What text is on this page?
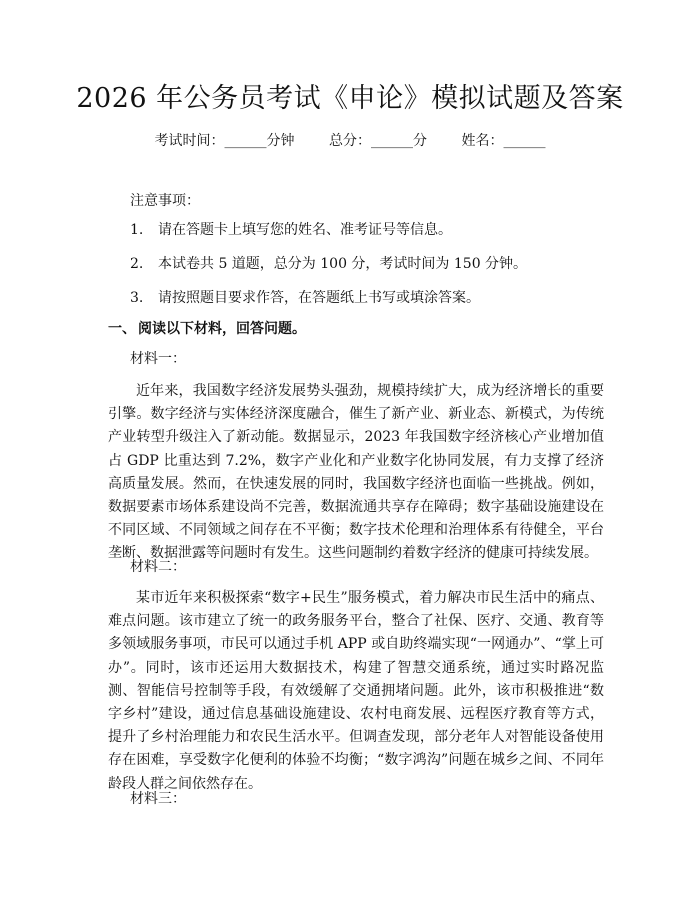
2026 年公务员考试《申论》模拟试题及答案
考试时间：______分钟 总分：______分 姓名：______
注意事项：
1. 请在答题卡上填写您的姓名、准考证号等信息。
2. 本试卷共 5 道题，总分为 100 分，考试时间为 150 分钟。
3. 请按照题目要求作答，在答题纸上书写或填涂答案。
一、 阅读以下材料，回答问题。
材料一：

近年来，我国数字经济发展势头强劲，规模持续扩大，成为经济增长的重要引擎。数字经济与实体经济深度融合，催生了新产业、新业态、新模式，为传统产业转型升级注入了新动能。数据显示，2023 年我国数字经济核心产业增加值占 GDP 比重达到 7.2%，数字产业化和产业数字化协同发展，有力支撑了经济高质量发展。然而，在快速发展的同时，我国数字经济也面临一些挑战。例如，数据要素市场体系建设尚不完善，数据流通共享存在障碍；数字基础设施建设在不同区域、不同领域之间存在不平衡；数字技术伦理和治理体系有待健全，平台垄断、数据泄露等问题时有发生。这些问题制约着数字经济的健康可持续发展。

材料二：

某市近年来积极探索“数字+民生”服务模式，着力解决市民生活中的痛点、难点问题。该市建立了统一的政务服务平台，整合了社保、医疗、交通、教育等多领域服务事项，市民可以通过手机 APP 或自助终端实现“一网通办”、“掌上可办”。同时，该市还运用大数据技术，构建了智慧交通系统，通过实时路况监测、智能信号控制等手段，有效缓解了交通拥堵问题。此外，该市积极推进“数字乡村”建设，通过信息基础设施建设、农村电商发展、远程医疗教育等方式，提升了乡村治理能力和农民生活水平。但调查发现，部分老年人对智能设备使用存在困难，享受数字化便利的体验不均衡；“数字鸿沟”问题在城乡之间、不同年龄段人群之间依然存在。

材料三：
